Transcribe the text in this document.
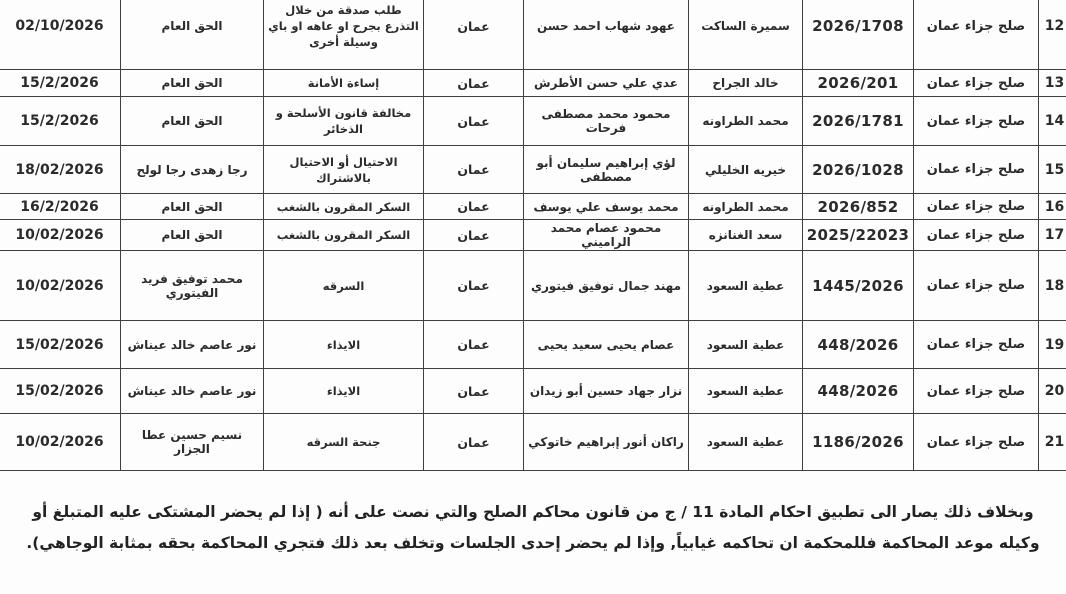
12	صلح جزاء عمان	2026/1708	سميرة الساكت	عهود شهاب احمد حسن	عمان	طلب صدقة من خلال التذرع بجرح او عاهه او باي وسيلة أخرى	الحق العام	02/10/2026
13	صلح جزاء عمان	2026/201	خالد الجراح	عدي علي حسن الأطرش	عمان	إساءة الأمانة	الحق العام	15/2/2026
14	صلح جزاء عمان	2026/1781	محمد الطراونه	محمود محمد مصطفى فرحات	عمان	مخالفة قانون الأسلحة و الذخائر	الحق العام	15/2/2026
15	صلح جزاء عمان	2026/1028	خيريه الخليلي	لؤي إبراهيم سليمان أبو مصطفى	عمان	الاحتيال أو الاحتيال بالاشتراك	رجا زهدى رجا لولح	18/02/2026
16	صلح جزاء عمان	2026/852	محمد الطراونه	محمد يوسف علي يوسف	عمان	السكر المقرون بالشغب	الحق العام	16/2/2026
17	صلح جزاء عمان	2025/22023	سعد الغنانزه	محمود عصام محمد الراميني	عمان	السكر المقرون بالشغب	الحق العام	10/02/2026
18	صلح جزاء عمان	1445/2026	عطية السعود	مهند جمال توفيق فيتوري	عمان	السرقه	محمد توفيق فريد الفيتوري	10/02/2026
19	صلح جزاء عمان	448/2026	عطية السعود	عصام يحيى سعيد يحيى	عمان	الايذاء	نور عاصم خالد عيناش	15/02/2026
20	صلح جزاء عمان	448/2026	عطية السعود	نزار جهاد حسين أبو زيدان	عمان	الايذاء	نور عاصم خالد عيناش	15/02/2026
21	صلح جزاء عمان	1186/2026	عطية السعود	راكان أنور إبراهيم خاتوكي	عمان	جنحة السرقه	نسيم حسين عطا الجزار	10/02/2026
وبخلاف ذلك يصار الى تطبيق احكام المادة 11 / ج من قانون محاكم الصلح والتي نصت على أنه ( إذا لم يحضر المشتكى عليه المتبلغ أو وكيله موعد المحاكمة فللمحكمة ان تحاكمه غيابياً, وإذا لم يحضر إحدى الجلسات وتخلف بعد ذلك فتجري المحاكمة بحقه بمثابة الوجاهي).
